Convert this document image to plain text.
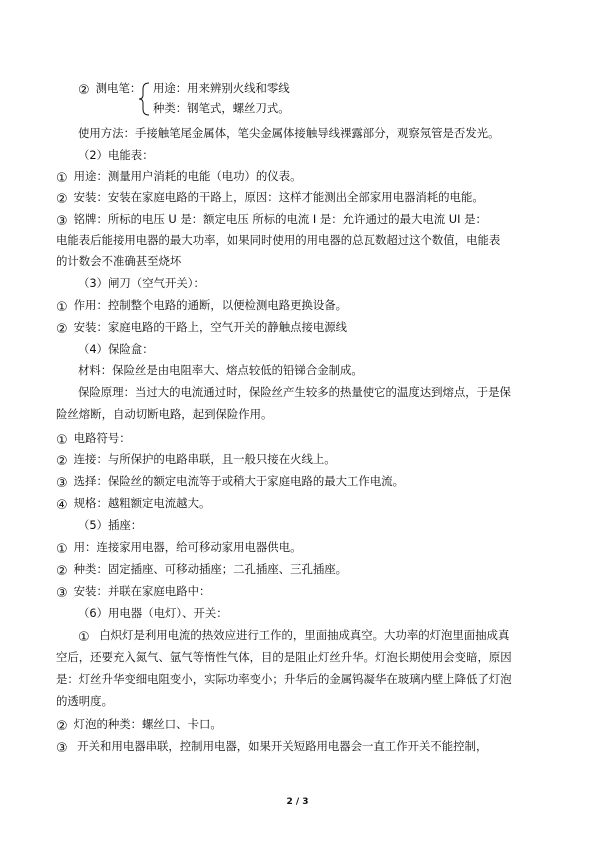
② 测电笔： 用途：用来辨别火线和零线
种类：钢笔式，螺丝刀式。
使用方法：手接触笔尾金属体，笔尖金属体接触导线裸露部分，观察氖管是否发光。
（2）电能表：
① 用途：测量用户消耗的电能（电功）的仪表。
② 安装：安装在家庭电路的干路上，原因：这样才能测出全部家用电器消耗的电能。
③ 铭牌：所标的电压 U 是：额定电压 所标的电流 I 是：允许通过的最大电流 UI 是：
电能表后能接用电器的最大功率，如果同时使用的用电器的总瓦数超过这个数值，电能表
的计数会不准确甚至烧坏
（3）闸刀（空气开关）：
① 作用：控制整个电路的通断，以便检测电路更换设备。
② 安装：家庭电路的干路上，空气开关的静触点接电源线
（4）保险盒：
材料：保险丝是由电阻率大、熔点较低的铅锑合金制成。
保险原理：当过大的电流通过时，保险丝产生较多的热量使它的温度达到熔点，于是保
险丝熔断，自动切断电路，起到保险作用。
① 电路符号：
② 连接：与所保护的电路串联，且一般只接在火线上。
③ 选择：保险丝的额定电流等于或稍大于家庭电路的最大工作电流。
④ 规格：越粗额定电流越大。
（5）插座：
① 用：连接家用电器，给可移动家用电器供电。
② 种类：固定插座、可移动插座；二孔插座、三孔插座。
③ 安装：并联在家庭电路中：
（6）用电器（电灯）、开关：
① 白炽灯是利用电流的热效应进行工作的，里面抽成真空。大功率的灯泡里面抽成真
空后，还要充入氮气、氩气等惰性气体，目的是阻止灯丝升华。灯泡长期使用会变暗，原因
是：灯丝升华变细电阻变小，实际功率变小；升华后的金属钨凝华在玻璃内壁上降低了灯泡
的透明度。
② 灯泡的种类：螺丝口、卡口。
③ 开关和用电器串联，控制用电器，如果开关短路用电器会一直工作开关不能控制，
2 / 3
